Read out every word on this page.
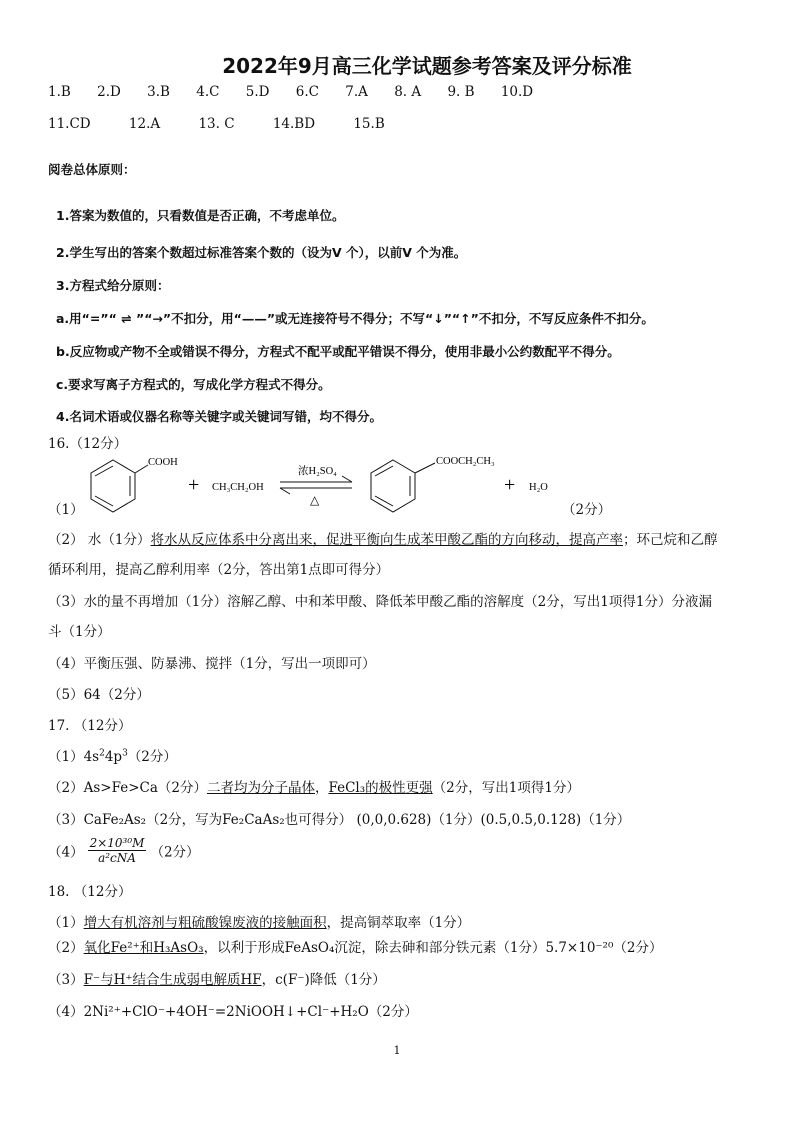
2022年9月高三化学试题参考答案及评分标准
1.B 2.D 3.B 4.C 5.D 6.C 7.A 8. A 9. B 10.D
11.CD	12.A	13. C	14.BD	15.B
阅卷总体原则：
1.答案为数值的，只看数值是否正确，不考虑单位。
2.学生写出的答案个数超过标准答案个数的（设为V 个），以前V 个为准。
3.方程式给分原则：
a.用“=”“ ⇌ ”“→”不扣分，用“——”或无连接符号不得分；不写“↓”“↑”不扣分，不写反应条件不扣分。
b.反应物或产物不全或错误不得分，方程式不配平或配平错误不得分，使用非最小公约数配平不得分。
c.要求写离子方程式的，写成化学方程式不得分。
4.名词术语或仪器名称等关键字或关键词写错，均不得分。
16.（12分）
（1）
COOH
+ CH₃CH₂OH
浓H₂SO₄
△
COOCH₂CH₃
+ H₂O
（2分）
（2） 水（1分）将水从反应体系中分离出来，促进平衡向生成苯甲酸乙酯的方向移动，提高产率；环己烷和乙醇
循环利用，提高乙醇利用率（2分，答出第1点即可得分）
（3）水的量不再增加（1分）溶解乙醇、中和苯甲酸、降低苯甲酸乙酯的溶解度（2分，写出1项得1分）分液漏
斗（1分）
（4）平衡压强、防暴沸、搅拌（1分，写出一项即可）
（5）64（2分）
17. （12分）
$(1)4s^24p^3(2$分）
（2）As>Fe>Ca（2分）二者均为分子晶体，FeCl₃的极性更强（2分，写出1项得1分）
（3）CaFe₂As₂（2分，写为Fe₂CaAs₂也可得分） (0,0,0.628)（1分）(0.5,0.5,0.128)（1分）
$(4) \frac{\text{2×10³⁰M}}{\text{a²cNA}} (2$分）
18. （12分）
（1）增大有机溶剂与粗硫酸镍废液的接触面积，提高铜萃取率（1分）
（2）氧化Fe²⁺和H₃AsO₃，以利于形成FeAsO₄沉淀，除去砷和部分铁元素（1分）5.7×10⁻²⁰（2分）
（3）F⁻与H⁺结合生成弱电解质HF，c(F⁻)降低（1分）
（4）2Ni²⁺+ClO⁻+4OH⁻=2NiOOH↓+Cl⁻+H₂O（2分）
1
